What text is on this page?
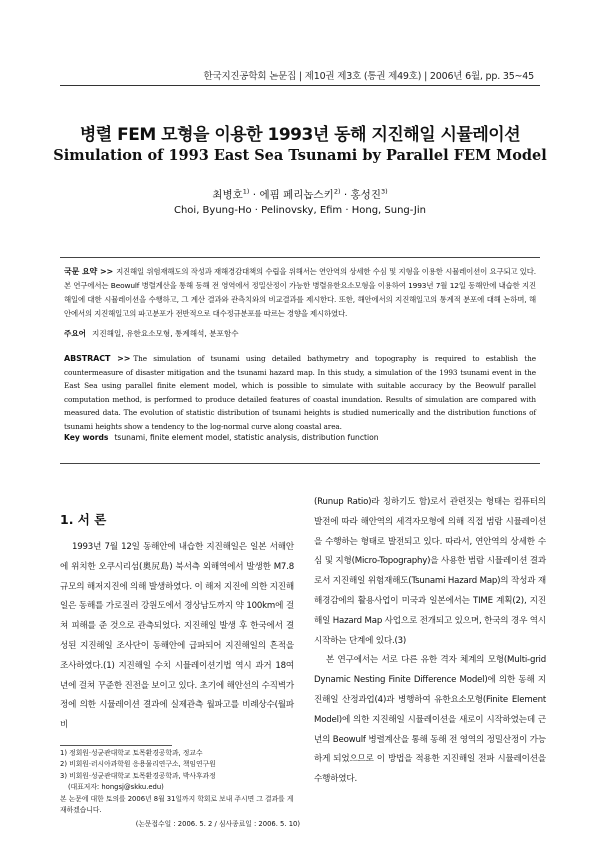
한국지진공학회 논문집 | 제10권 제3호 (통권 제49호) | 2006년 6월, pp. 35~45
병렬 FEM 모형을 이용한 1993년 동해 지진해일 시뮬레이션
Simulation of 1993 East Sea Tsunami by Parallel FEM Model
최병호$^{1)}$ · 에핌 페리놉스키$^{2)}$ · 홍성진$^{3)}$
Choi, Byung-Ho · Pelinovsky, Efim · Hong, Sung-Jin
국문 요약 >> 지진해일 위험재해도의 작성과 재해경감대책의 수립을 위해서는 연안역의 상세한 수심 및 지형을 이용한 시뮬레이션이 요구되고 있다. 본 연구에서는 Beowulf 병렬계산을 통해 동해 전 영역에서 정밀산정이 가능한 병렬유한요소모형을 이용하여 1993년 7월 12일 동해안에 내습한 지진해일에 대한 시뮬레이션을 수행하고, 그 계산 결과와 관측치와의 비교결과를 제시한다. 또한, 해안에서의 지진해일고의 통계적 분포에 대해 논하며, 해안에서의 지진해일고의 파고분포가 전반적으로 대수정규분포를 따르는 경향을 제시하였다.
주요어 지진해일, 유한요소모형, 통계해석, 분포함수
ABSTRACT >> The simulation of tsunami using detailed bathymetry and topography is required to establish the countermeasure of disaster mitigation and the tsunami hazard map. In this study, a simulation of the 1993 tsunami event in the East Sea using parallel finite element model, which is possible to simulate with suitable accuracy by the Beowulf parallel computation method, is performed to produce detailed features of coastal inundation. Results of simulation are compared with measured data. The evolution of statistic distribution of tsunami heights is studied numerically and the distribution functions of tsunami heights show a tendency to the log-normal curve along coastal area.
Key words tsunami, finite element model, statistic analysis, distribution function
1. 서 론

1993년 7월 12일 동해안에 내습한 지진해일은 일본 서해안에 위치한 오쿠시리섬(奧尻島) 북서측 외해역에서 발생한 M7.8 규모의 해저지진에 의해 발생하였다. 이 해저 지진에 의한 지진해일은 동해를 가로질러 강원도에서 경상남도까지 약 100km에 걸쳐 피해를 준 것으로 관측되었다. 지진해일 발생 후 한국에서 결성된 지진해일 조사단이 동해안에 급파되어 지진해일의 흔적을 조사하였다.(1) 지진해일 수치 시뮬레이션기법 역시 과거 18여년에 걸쳐 꾸준한 진전을 보이고 있다. 초기에 해안선의 수직벽가정에 의한 시뮬레이션 결과에 실제관측 월파고를 비례상수(월파비

(Runup Ratio)라 칭하기도 함)로서 관련짓는 형태는 컴퓨터의 발전에 따라 해안역의 세격자모형에 의해 직접 범람 시뮬레이션을 수행하는 형태로 발전되고 있다. 따라서, 연안역의 상세한 수심 및 지형(Micro-Topography)을 사용한 범람 시뮬레이션 결과로서 지진해일 위험재해도(Tsunami Hazard Map)의 작성과 재해경감에의 활용사업이 미국과 일본에서는 TIME 계획(2), 지진해일 Hazard Map 사업으로 전개되고 있으며, 한국의 경우 역시 시작하는 단계에 있다.(3)

본 연구에서는 서로 다른 유한 격자 체계의 모형(Multi-grid Dynamic Nesting Finite Difference Model)에 의한 동해 지진해일 산정과업(4)과 병행하여 유한요소모형(Finite Element Model)에 의한 지진해일 시뮬레이션을 새로이 시작하였는데 근년의 Beowulf 병렬계산을 통해 동해 전 영역의 정밀산정이 가능하게 되었으므로 이 방법을 적용한 지진해일 전파 시뮬레이션을 수행하였다.

1) 정회원·성균관대학교 토목환경공학과, 정교수
2) 비회원·러시아과학원 응용물리연구소, 책임연구원
3) 비회원·성균관대학교 토목환경공학과, 박사후과정
(대표저자: hongsj@skku.edu)
본 논문에 대한 토의를 2006년 8월 31일까지 학회로 보내 주시면 그 결과를 게재하겠습니다.
(논문접수일 : 2006. 5. 2 / 심사종료일 : 2006. 5. 10)
